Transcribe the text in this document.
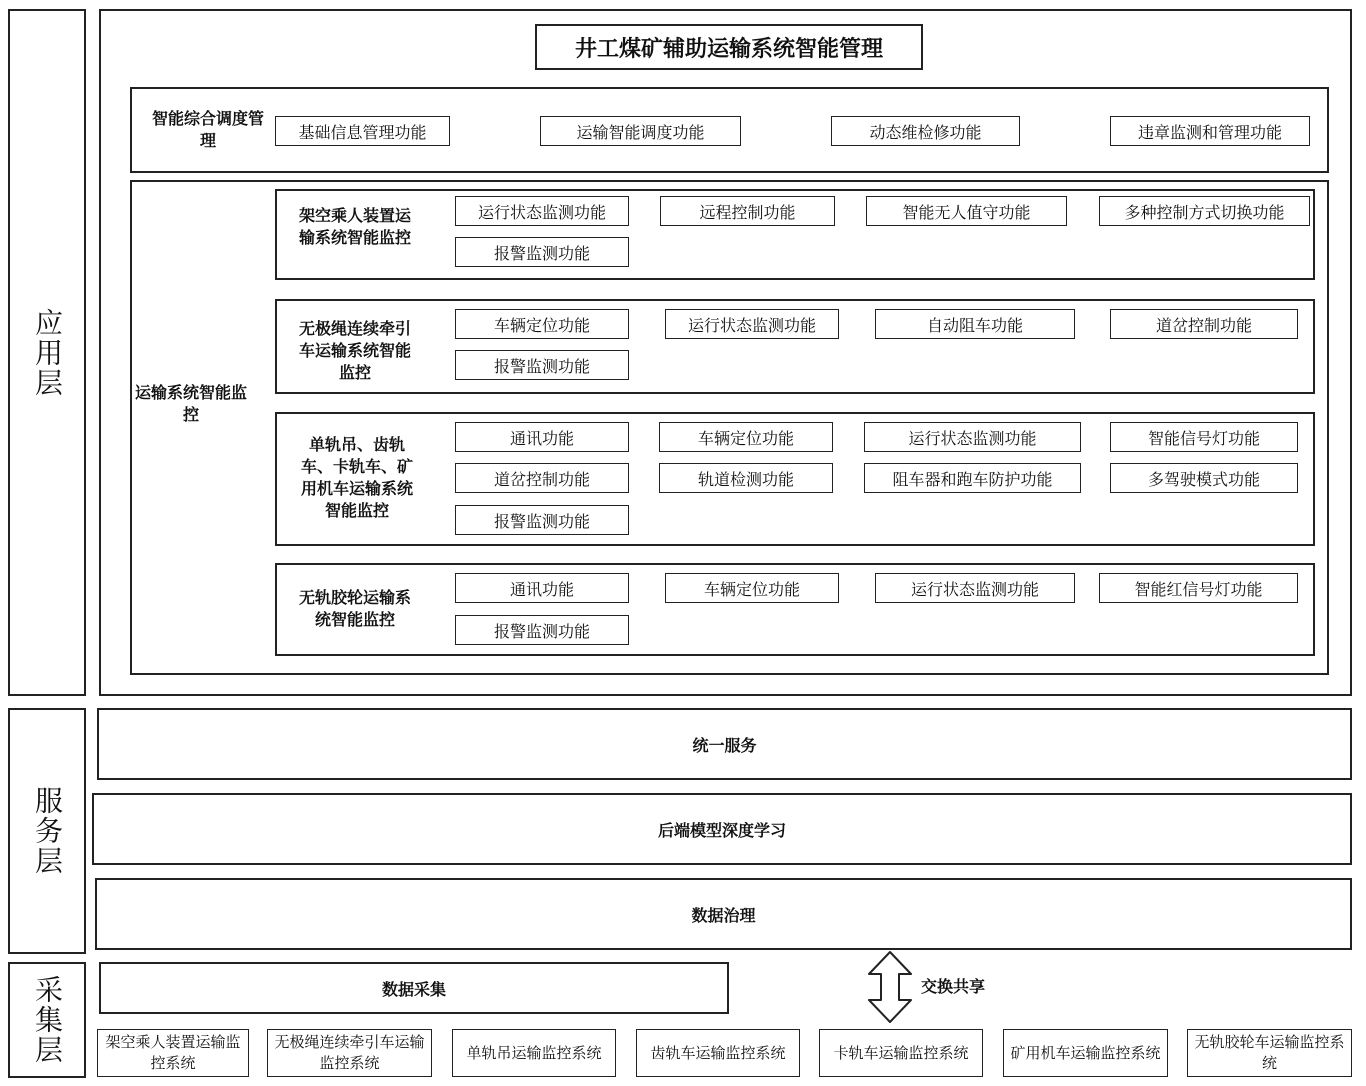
应用层
服务层
采集层
井工煤矿辅助运输系统智能管理
智能综合调度管理	基础信息管理功能	运输智能调度功能	动态维检修功能	违章监测和管理功能
运输系统智能监控
架空乘人装置运输系统智能监控
运行状态监测功能	远程控制功能	智能无人值守功能	多种控制方式切换功能
报警监测功能
无极绳连续牵引车运输系统智能监控
车辆定位功能	运行状态监测功能	自动阻车功能	道岔控制功能
报警监测功能
单轨吊、齿轨车、卡轨车、矿用机车运输系统智能监控
通讯功能	车辆定位功能	运行状态监测功能	智能信号灯功能
道岔控制功能	轨道检测功能	阻车器和跑车防护功能	多驾驶模式功能
报警监测功能
无轨胶轮运输系统智能监控
通讯功能	车辆定位功能	运行状态监测功能	智能红信号灯功能
报警监测功能
统一服务
后端模型深度学习
数据治理
数据采集	交换共享
架空乘人装置运输监控系统
无极绳连续牵引车运输监控系统
单轨吊运输监控系统	齿轨车运输监控系统	卡轨车运输监控系统	矿用机车运输监控系统
无轨胶轮车运输监控系统
